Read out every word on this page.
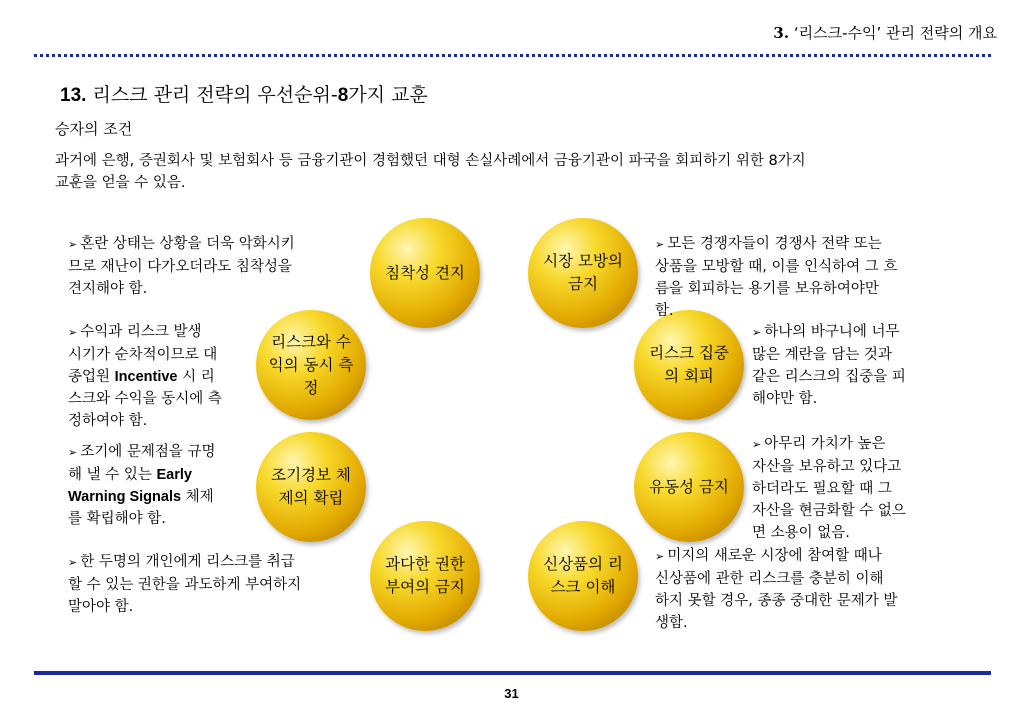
3. ‘리스크-수익’ 관리 전략의 개요
13. 리스크 관리 전략의 우선순위-8가지 교훈
승자의 조건
과거에 은행, 증권회사 및 보험회사 등 금융기관이 경험했던 대형 손실사례에서 금융기관이 파국을 회피하기 위한 8가지
교훈을 얻을 수 있음.
침착성 견지
시장 모방의 금지
리스크와 수익의 동시 측정
리스크 집중의 회피
조기경보 체제의 확립
유동성 금지
과다한 권한 부여의 금지
신상품의 리스크 이해
➢ 혼란 상태는 상황을 더욱 악화시키
므로 재난이 다가오더라도 침착성을
견지해야 함.
➢ 모든 경쟁자들이 경쟁사 전략 또는
상품을 모방할 때, 이를 인식하여 그 흐
름을 회피하는 용기를 보유하여야만
함.
➢ 수익과 리스크 발생
시기가 순차적이므로 대
종업원 Incentive 시 리
스크와 수익을 동시에 측
정하여야 함.
➢ 하나의 바구니에 너무
많은 계란을 담는 것과
같은 리스크의 집중을 피
해야만 함.
➢ 조기에 문제점을 규명
해 낼 수 있는 Early
Warning Signals 체제
를 확립해야 함.
➢ 아무리 가치가 높은
자산을 보유하고 있다고
하더라도 필요할 때 그
자산을 현금화할 수 없으
면 소용이 없음.
➢ 한 두명의 개인에게 리스크를 취급
할 수 있는 권한을 과도하게 부여하지
말아야 함.
➢ 미지의 새로운 시장에 참여할 때나
신상품에 관한 리스크를 충분히 이해
하지 못할 경우, 종종 중대한 문제가 발
생함.
31
